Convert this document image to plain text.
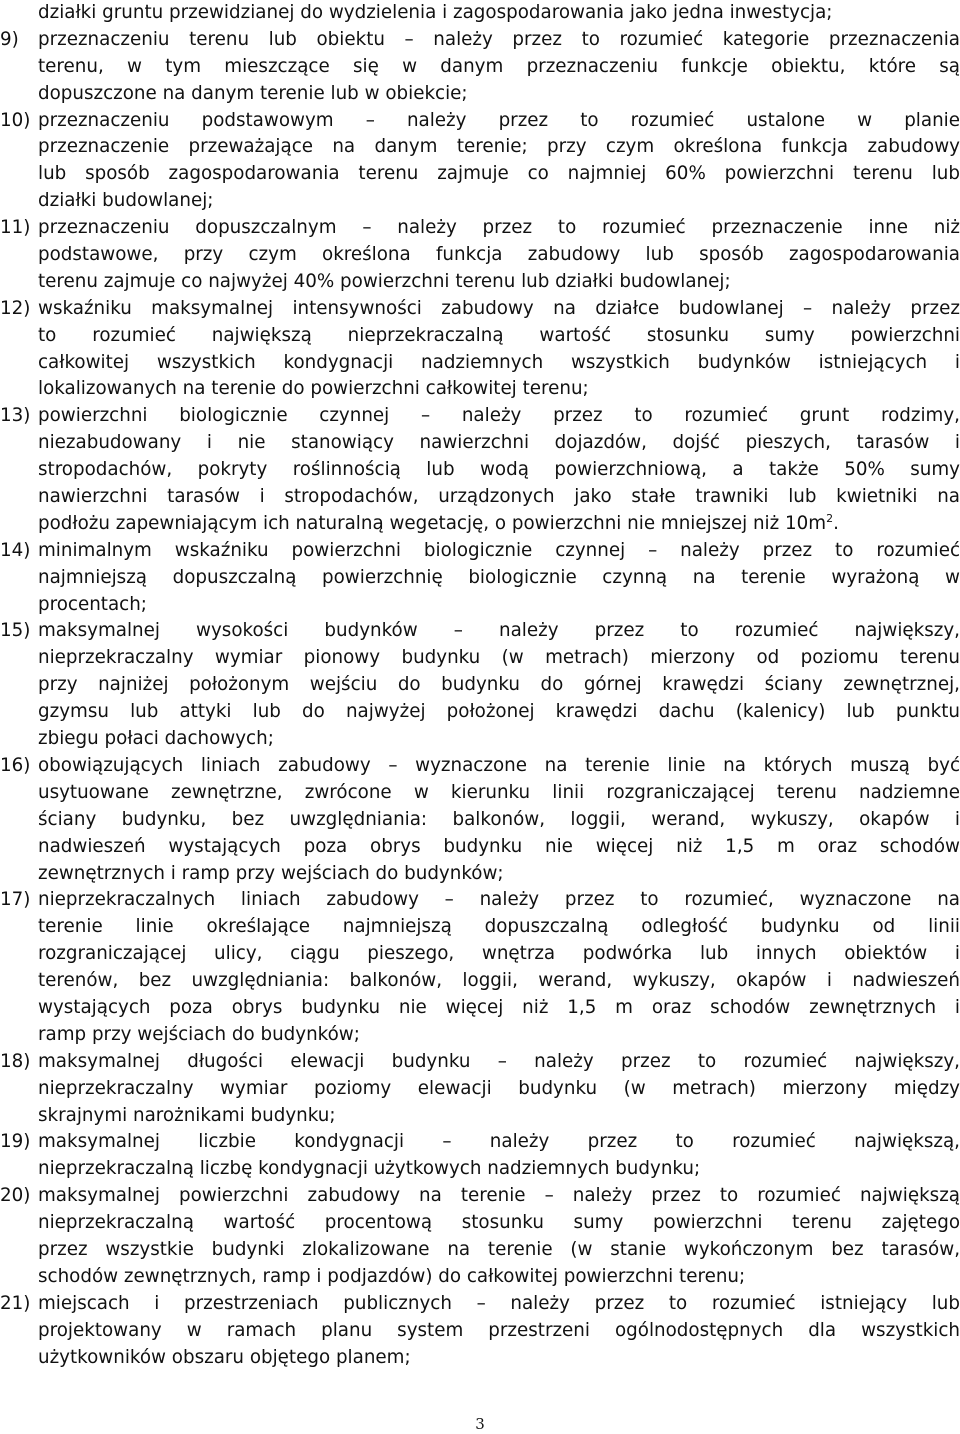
działki gruntu przewidzianej do wydzielenia i zagospodarowania jako jedna inwestycja;
9)	przeznaczeniu terenu lub obiektu – należy przez to rozumieć kategorie przeznaczenia
terenu, w tym mieszczące się w danym przeznaczeniu funkcje obiektu, które są
dopuszczone na danym terenie lub w obiekcie;
10) przeznaczeniu podstawowym – należy przez to rozumieć ustalone w planie
przeznaczenie przeważające na danym terenie; przy czym określona funkcja zabudowy
lub sposób zagospodarowania terenu zajmuje co najmniej 60% powierzchni terenu lub
działki budowlanej;
11) przeznaczeniu dopuszczalnym – należy przez to rozumieć przeznaczenie inne niż
podstawowe, przy czym określona funkcja zabudowy lub sposób zagospodarowania
terenu zajmuje co najwyżej 40% powierzchni terenu lub działki budowlanej;
12) wskaźniku maksymalnej intensywności zabudowy na działce budowlanej – należy przez
to rozumieć największą nieprzekraczalną wartość stosunku sumy powierzchni
całkowitej wszystkich kondygnacji nadziemnych wszystkich budynków istniejących i
lokalizowanych na terenie do powierzchni całkowitej terenu;
13) powierzchni biologicznie czynnej – należy przez to rozumieć grunt rodzimy,
niezabudowany i nie stanowiący nawierzchni dojazdów, dojść pieszych, tarasów i
stropodachów, pokryty roślinnością lub wodą powierzchniową, a także 50% sumy
nawierzchni tarasów i stropodachów, urządzonych jako stałe trawniki lub kwietniki na
podłożu zapewniającym ich naturalną wegetację, o powierzchni nie mniejszej niż $10m^2$.
14) minimalnym wskaźniku powierzchni biologicznie czynnej – należy przez to rozumieć
najmniejszą dopuszczalną powierzchnię biologicznie czynną na terenie wyrażoną w
procentach;
15) maksymalnej wysokości budynków – należy przez to rozumieć największy,
nieprzekraczalny wymiar pionowy budynku (w metrach) mierzony od poziomu terenu
przy najniżej położonym wejściu do budynku do górnej krawędzi ściany zewnętrznej,
gzymsu lub attyki lub do najwyżej położonej krawędzi dachu (kalenicy) lub punktu
zbiegu połaci dachowych;
16) obowiązujących liniach zabudowy – wyznaczone na terenie linie na których muszą być
usytuowane zewnętrzne, zwrócone w kierunku linii rozgraniczającej terenu nadziemne
ściany budynku, bez uwzględniania: balkonów, loggii, werand, wykuszy, okapów i
nadwieszeń wystających poza obrys budynku nie więcej niż 1,5 m oraz schodów
zewnętrznych i ramp przy wejściach do budynków;
17) nieprzekraczalnych liniach zabudowy – należy przez to rozumieć, wyznaczone na
terenie linie określające najmniejszą dopuszczalną odległość budynku od linii
rozgraniczającej ulicy, ciągu pieszego, wnętrza podwórka lub innych obiektów i
terenów, bez uwzględniania: balkonów, loggii, werand, wykuszy, okapów i nadwieszeń
wystających poza obrys budynku nie więcej niż 1,5 m oraz schodów zewnętrznych i
ramp przy wejściach do budynków;
18) maksymalnej długości elewacji budynku – należy przez to rozumieć największy,
nieprzekraczalny wymiar poziomy elewacji budynku (w metrach) mierzony między
skrajnymi narożnikami budynku;
19) maksymalnej liczbie kondygnacji – należy przez to rozumieć największą,
nieprzekraczalną liczbę kondygnacji użytkowych nadziemnych budynku;
20) maksymalnej powierzchni zabudowy na terenie – należy przez to rozumieć największą
nieprzekraczalną wartość procentową stosunku sumy powierzchni terenu zajętego
przez wszystkie budynki zlokalizowane na terenie (w stanie wykończonym bez tarasów,
schodów zewnętrznych, ramp i podjazdów) do całkowitej powierzchni terenu;
21) miejscach i przestrzeniach publicznych – należy przez to rozumieć istniejący lub
projektowany w ramach planu system przestrzeni ogólnodostępnych dla wszystkich
użytkowników obszaru objętego planem;
3
